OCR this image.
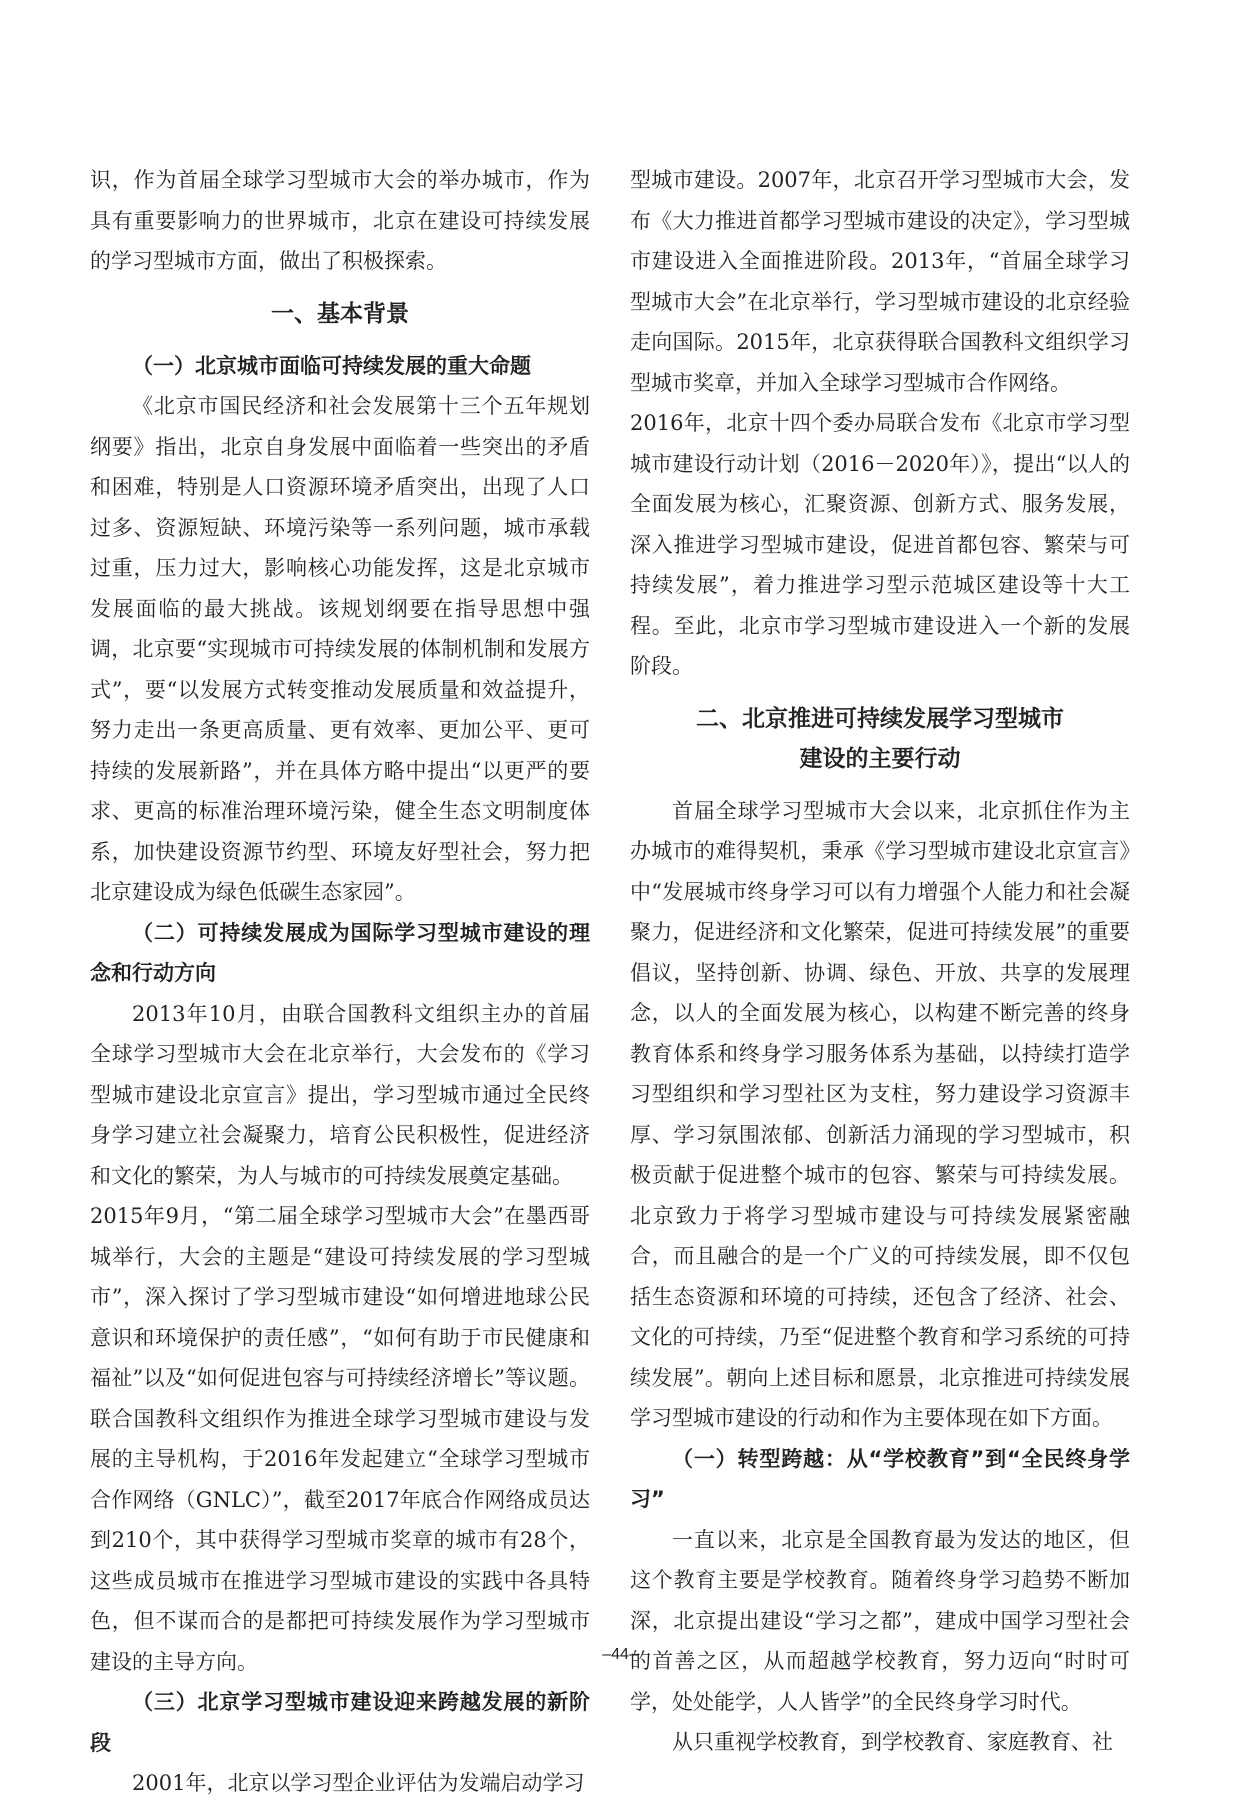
识，作为首届全球学习型城市大会的举办城市，作为具有重要影响力的世界城市，北京在建设可持续发展的学习型城市方面，做出了积极探索。

一、基本背景
（一）北京城市面临可持续发展的重大命题

《北京市国民经济和社会发展第十三个五年规划纲要》指出，北京自身发展中面临着一些突出的矛盾和困难，特别是人口资源环境矛盾突出，出现了人口过多、资源短缺、环境污染等一系列问题，城市承载过重，压力过大，影响核心功能发挥，这是北京城市发展面临的最大挑战。该规划纲要在指导思想中强调，北京要“实现城市可持续发展的体制机制和发展方式”，要“以发展方式转变推动发展质量和效益提升，努力走出一条更高质量、更有效率、更加公平、更可持续的发展新路”，并在具体方略中提出“以更严的要求、更高的标准治理环境污染，健全生态文明制度体系，加快建设资源节约型、环境友好型社会，努力把北京建设成为绿色低碳生态家园”。

（二）可持续发展成为国际学习型城市建设的理念和行动方向

2013年10月，由联合国教科文组织主办的首届全球学习型城市大会在北京举行，大会发布的《学习型城市建设北京宣言》提出，学习型城市通过全民终身学习建立社会凝聚力，培育公民积极性，促进经济和文化的繁荣，为人与城市的可持续发展奠定基础。

2015年9月，“第二届全球学习型城市大会”在墨西哥城举行，大会的主题是“建设可持续发展的学习型城市”，深入探讨了学习型城市建设“如何增进地球公民意识和环境保护的责任感”，“如何有助于市民健康和福祉”以及“如何促进包容与可持续经济增长”等议题。联合国教科文组织作为推进全球学习型城市建设与发展的主导机构，于2016年发起建立“全球学习型城市合作网络（GNLC）”，截至2017年底合作网络成员达到210个，其中获得学习型城市奖章的城市有28个，这些成员城市在推进学习型城市建设的实践中各具特色，但不谋而合的是都把可持续发展作为学习型城市建设的主导方向。

（三）北京学习型城市建设迎来跨越发展的新阶段

2001年，北京以学习型企业评估为发端启动学习

型城市建设。2007年，北京召开学习型城市大会，发布《大力推进首都学习型城市建设的决定》，学习型城市建设进入全面推进阶段。2013年，“首届全球学习型城市大会”在北京举行，学习型城市建设的北京经验走向国际。2015年，北京获得联合国教科文组织学习型城市奖章，并加入全球学习型城市合作网络。

2016年，北京十四个委办局联合发布《北京市学习型城市建设行动计划（2016－2020年）》，提出“以人的全面发展为核心，汇聚资源、创新方式、服务发展，深入推进学习型城市建设，促进首都包容、繁荣与可持续发展”，着力推进学习型示范城区建设等十大工程。至此，北京市学习型城市建设进入一个新的发展阶段。

二、北京推进可持续发展学习型城市
建设的主要行动

首届全球学习型城市大会以来，北京抓住作为主办城市的难得契机，秉承《学习型城市建设北京宣言》中“发展城市终身学习可以有力增强个人能力和社会凝聚力，促进经济和文化繁荣，促进可持续发展”的重要倡议，坚持创新、协调、绿色、开放、共享的发展理念，以人的全面发展为核心，以构建不断完善的终身教育体系和终身学习服务体系为基础，以持续打造学习型组织和学习型社区为支柱，努力建设学习资源丰厚、学习氛围浓郁、创新活力涌现的学习型城市，积极贡献于促进整个城市的包容、繁荣与可持续发展。北京致力于将学习型城市建设与可持续发展紧密融合，而且融合的是一个广义的可持续发展，即不仅包括生态资源和环境的可持续，还包含了经济、社会、文化的可持续，乃至“促进整个教育和学习系统的可持续发展”。朝向上述目标和愿景，北京推进可持续发展学习型城市建设的行动和作为主要体现在如下方面。

（一）转型跨越：从“学校教育”到“全民终身学习”

一直以来，北京是全国教育最为发达的地区，但这个教育主要是学校教育。随着终身学习趋势不断加深，北京提出建设“学习之都”，建成中国学习型社会的首善之区，从而超越学校教育，努力迈向“时时可学，处处能学，人人皆学”的全民终身学习时代。

从只重视学校教育，到学校教育、家庭教育、社

–44–
